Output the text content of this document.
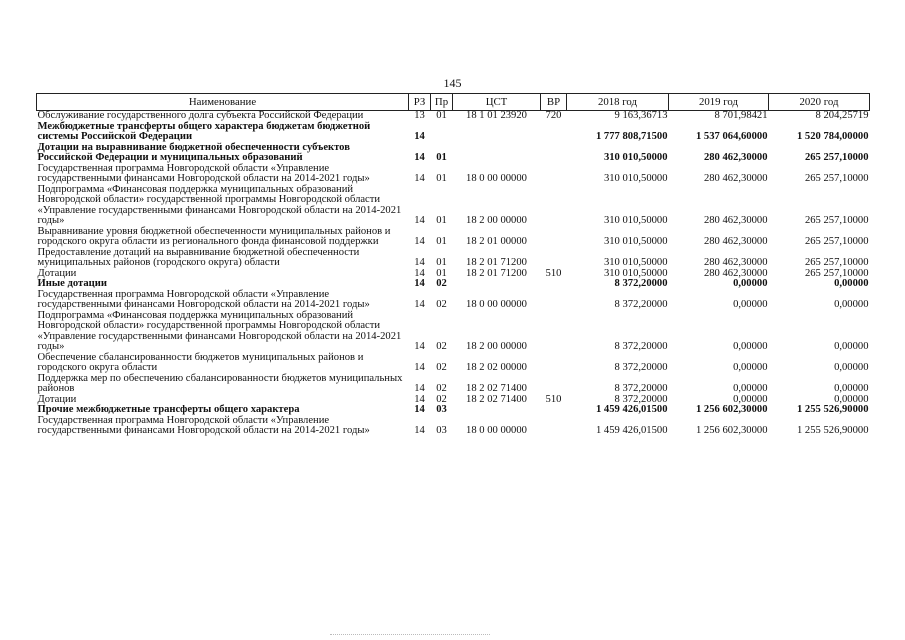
145
Наименование	РЗ	Пр	ЦСТ	ВР	2018 год	2019 год	2020 год
Обслуживание государственного долга субъекта Российской Федерации	13	01	18 1 01 23920	720	9 163,36713	8 701,98421	8 204,25719
Межбюджетные трансферты общего характера бюджетам бюджетной системы Российской Федерации	14				1 777 808,71500	1 537 064,60000	1 520 784,00000
Дотации на выравнивание бюджетной обеспеченности субъектов Российской Федерации и муниципальных образований	14	01			310 010,50000	280 462,30000	265 257,10000
Государственная программа Новгородской области «Управление государственными финансами Новгородской области на 2014-2021 годы»	14	01	18 0 00 00000		310 010,50000	280 462,30000	265 257,10000
Подпрограмма «Финансовая поддержка муниципальных образований Новгородской области» государственной программы Новгородской области «Управление государственными финансами Новгородской области на 2014-2021 годы»	14	01	18 2 00 00000		310 010,50000	280 462,30000	265 257,10000
Выравнивание уровня бюджетной обеспеченности муниципальных районов и городского округа области из регионального фонда финансовой поддержки	14	01	18 2 01 00000		310 010,50000	280 462,30000	265 257,10000
Предоставление дотаций на выравнивание бюджетной обеспеченности муниципальных районов (городского округа) области	14	01	18 2 01 71200		310 010,50000	280 462,30000	265 257,10000
Дотации	14	01	18 2 01 71200	510	310 010,50000	280 462,30000	265 257,10000
Иные дотации	14	02			8 372,20000	0,00000	0,00000
Государственная программа Новгородской области «Управление государственными финансами Новгородской области на 2014-2021 годы»	14	02	18 0 00 00000		8 372,20000	0,00000	0,00000
Подпрограмма «Финансовая поддержка муниципальных образований Новгородской области» государственной программы Новгородской области «Управление государственными финансами Новгородской области на 2014-2021 годы»	14	02	18 2 00 00000		8 372,20000	0,00000	0,00000
Обеспечение сбалансированности бюджетов муниципальных районов и городского округа области	14	02	18 2 02 00000		8 372,20000	0,00000	0,00000
Поддержка мер по обеспечению сбалансированности бюджетов муниципальных районов	14	02	18 2 02 71400		8 372,20000	0,00000	0,00000
Дотации	14	02	18 2 02 71400	510	8 372,20000	0,00000	0,00000
Прочие межбюджетные трансферты общего характера	14	03			1 459 426,01500	1 256 602,30000	1 255 526,90000
Государственная программа Новгородской области «Управление государственными финансами Новгородской области на 2014-2021 годы»	14	03	18 0 00 00000		1 459 426,01500	1 256 602,30000	1 255 526,90000
